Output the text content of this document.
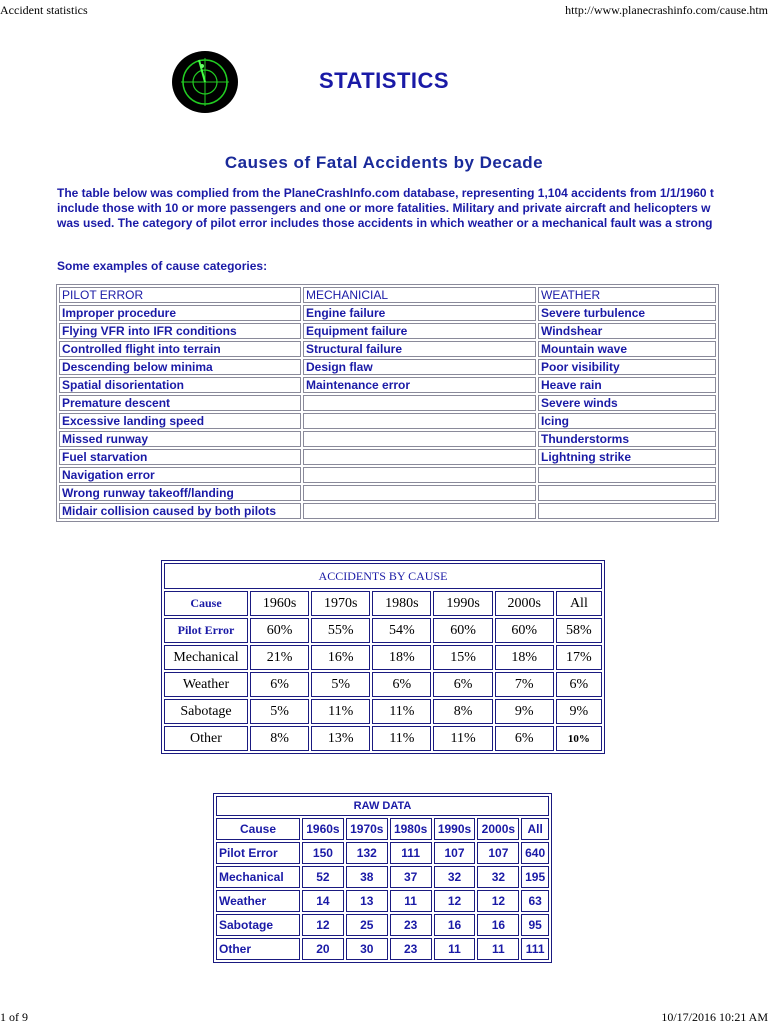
Accident statistics	http://www.planecrashinfo.com/cause.htm
STATISTICS
Causes of Fatal Accidents by Decade
The table below was complied from the PlaneCrashInfo.com database, representing 1,104 accidents from 1/1/1960 t
include those with 10 or more passengers and one or more fatalities. Military and private aircraft and helicopters w
was used. The category of pilot error includes those accidents in which weather or a mechanical fault was a strong
Some examples of cause categories:
PILOT ERROR	MECHANICIAL	WEATHER
Improper procedure	Engine failure	Severe turbulence
Flying VFR into IFR conditions	Equipment failure	Windshear
Controlled flight into terrain	Structural failure	Mountain wave
Descending below minima	Design flaw	Poor visibility
Spatial disorientation	Maintenance error	Heave rain
Premature descent		Severe winds
Excessive landing speed		Icing
Missed runway		Thunderstorms
Fuel starvation		Lightning strike
Navigation error		
Wrong runway takeoff/landing		
Midair collision caused by both pilots		
ACCIDENTS BY CAUSE						
Cause	1960s	1970s	1980s	1990s	2000s	All
Pilot Error	60%	55%	54%	60%	60%	58%
Mechanical	21%	16%	18%	15%	18%	17%
Weather	6%	5%	6%	6%	7%	6%
Sabotage	5%	11%	11%	8%	9%	9%
Other	8%	13%	11%	11%	6%	10%
RAW DATA						
Cause	1960s	1970s	1980s	1990s	2000s	All
Pilot Error	150	132	111	107	107	640
Mechanical	52	38	37	32	32	195
Weather	14	13	11	12	12	63
Sabotage	12	25	23	16	16	95
Other	20	30	23	11	11	111
1 of 9	10/17/2016 10:21 AM
